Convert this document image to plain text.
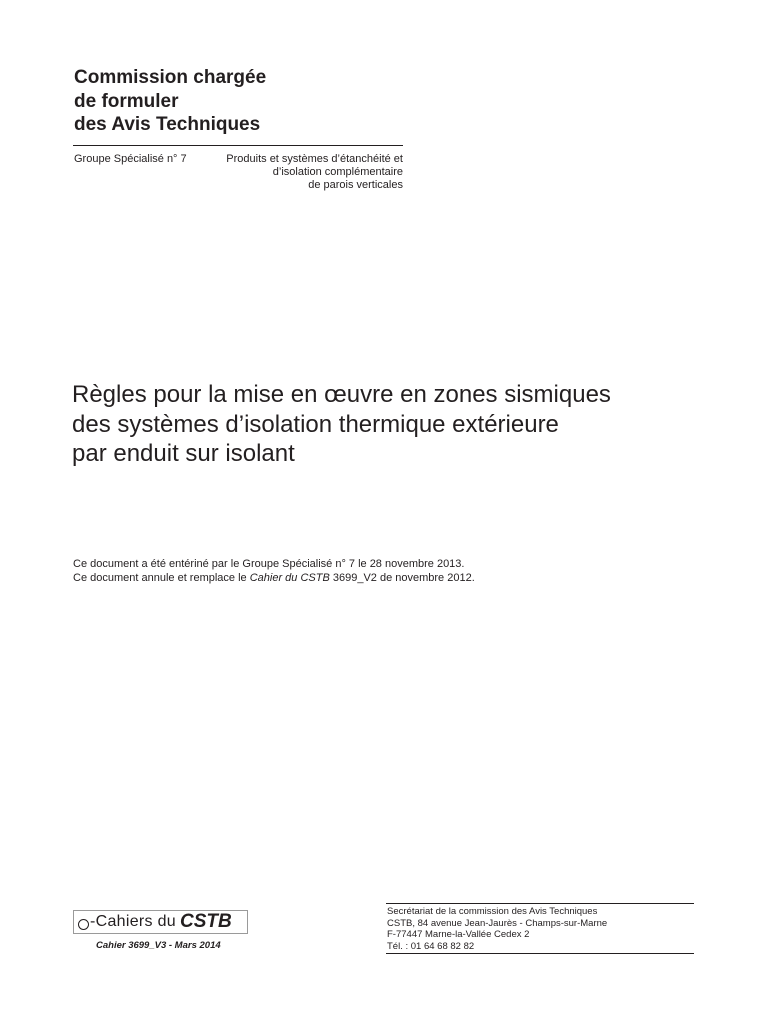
Commission chargée
de formuler
des Avis Techniques
Groupe Spécialisé n° 7	Produits et systèmes d’étanchéité et
d’isolation complémentaire
de parois verticales
Règles pour la mise en œuvre en zones sismiques
des systèmes d’isolation thermique extérieure
par enduit sur isolant
Ce document a été entériné par le Groupe Spécialisé n° 7 le 28 novembre 2013.
Ce document annule et remplace le Cahier du CSTB 3699_V2 de novembre 2012.
-Cahiers du CSTB
Cahier 3699_V3 - Mars 2014
Secrétariat de la commission des Avis Techniques
CSTB, 84 avenue Jean-Jaurès - Champs-sur-Marne
F-77447 Marne-la-Vallée Cedex 2
Tél. : 01 64 68 82 82
